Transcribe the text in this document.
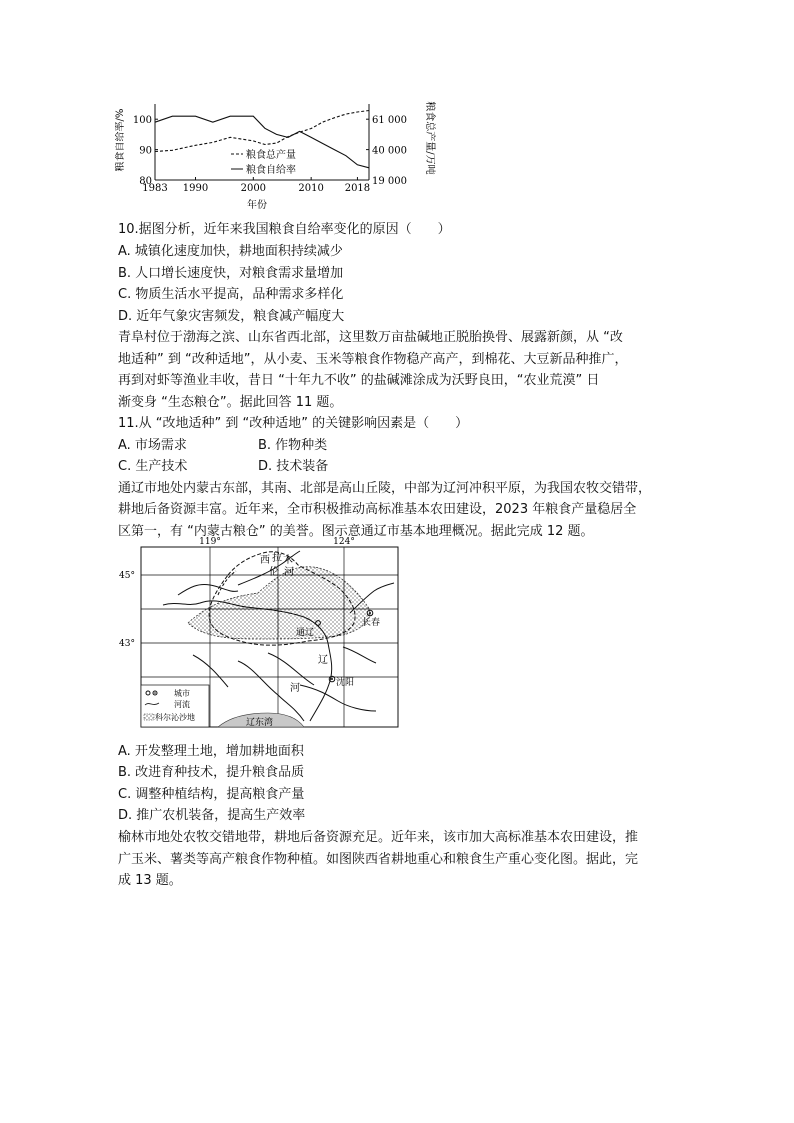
粮食自给率/%	粮食总产量/万吨
1983 1990	2000	2010 2018
100
90
80
61 000
40 000
19 000
粮食总产量
粮食自给率
年份
10.据图分析，近年来我国粮食自给率变化的原因（　　）
A. 城镇化速度加快，耕地面积持续减少
B. 人口增长速度快，对粮食需求量增加
C. 物质生活水平提高，品种需求多样化
D. 近年气象灾害频发，粮食减产幅度大
青阜村位于渤海之滨、山东省西北部，这里数万亩盐碱地正脱胎换骨、展露新颜，从 “改
地适种” 到 “改种适地”，从小麦、玉米等粮食作物稳产高产，到棉花、大豆新品种推广，
再到对虾等渔业丰收，昔日 “十年九不收” 的盐碱滩涂成为沃野良田，“农业荒漠” 日
渐变身 “生态粮仓”。据此回答 11 题。
11.从 “改地适种” 到 “改种适地” 的关键影响因素是（　　）
A. 市场需求	B. 作物种类
C. 生产技术	D. 技术装备
通辽市地处内蒙古东部，其南、北部是高山丘陵，中部为辽河冲积平原，为我国农牧交错带，
耕地后备资源丰富。近年来，全市积极推动高标准基本农田建设，2023 年粮食产量稳居全
区第一，有 “内蒙古粮仓” 的美誉。图示意通辽市基本地理概况。据此完成 12 题。
119°	124°
45°
43°
西 拉 木
伦 河
辽
河
通辽
长春
沈阳
辽东湾
城市
河流
科尔沁沙地
A. 开发整理土地，增加耕地面积
B. 改进育种技术，提升粮食品质
C. 调整种植结构，提高粮食产量
D. 推广农机装备，提高生产效率
榆林市地处农牧交错地带，耕地后备资源充足。近年来，该市加大高标准基本农田建设，推
广玉米、薯类等高产粮食作物种植。如图陕西省耕地重心和粮食生产重心变化图。据此，完
成 13 题。
